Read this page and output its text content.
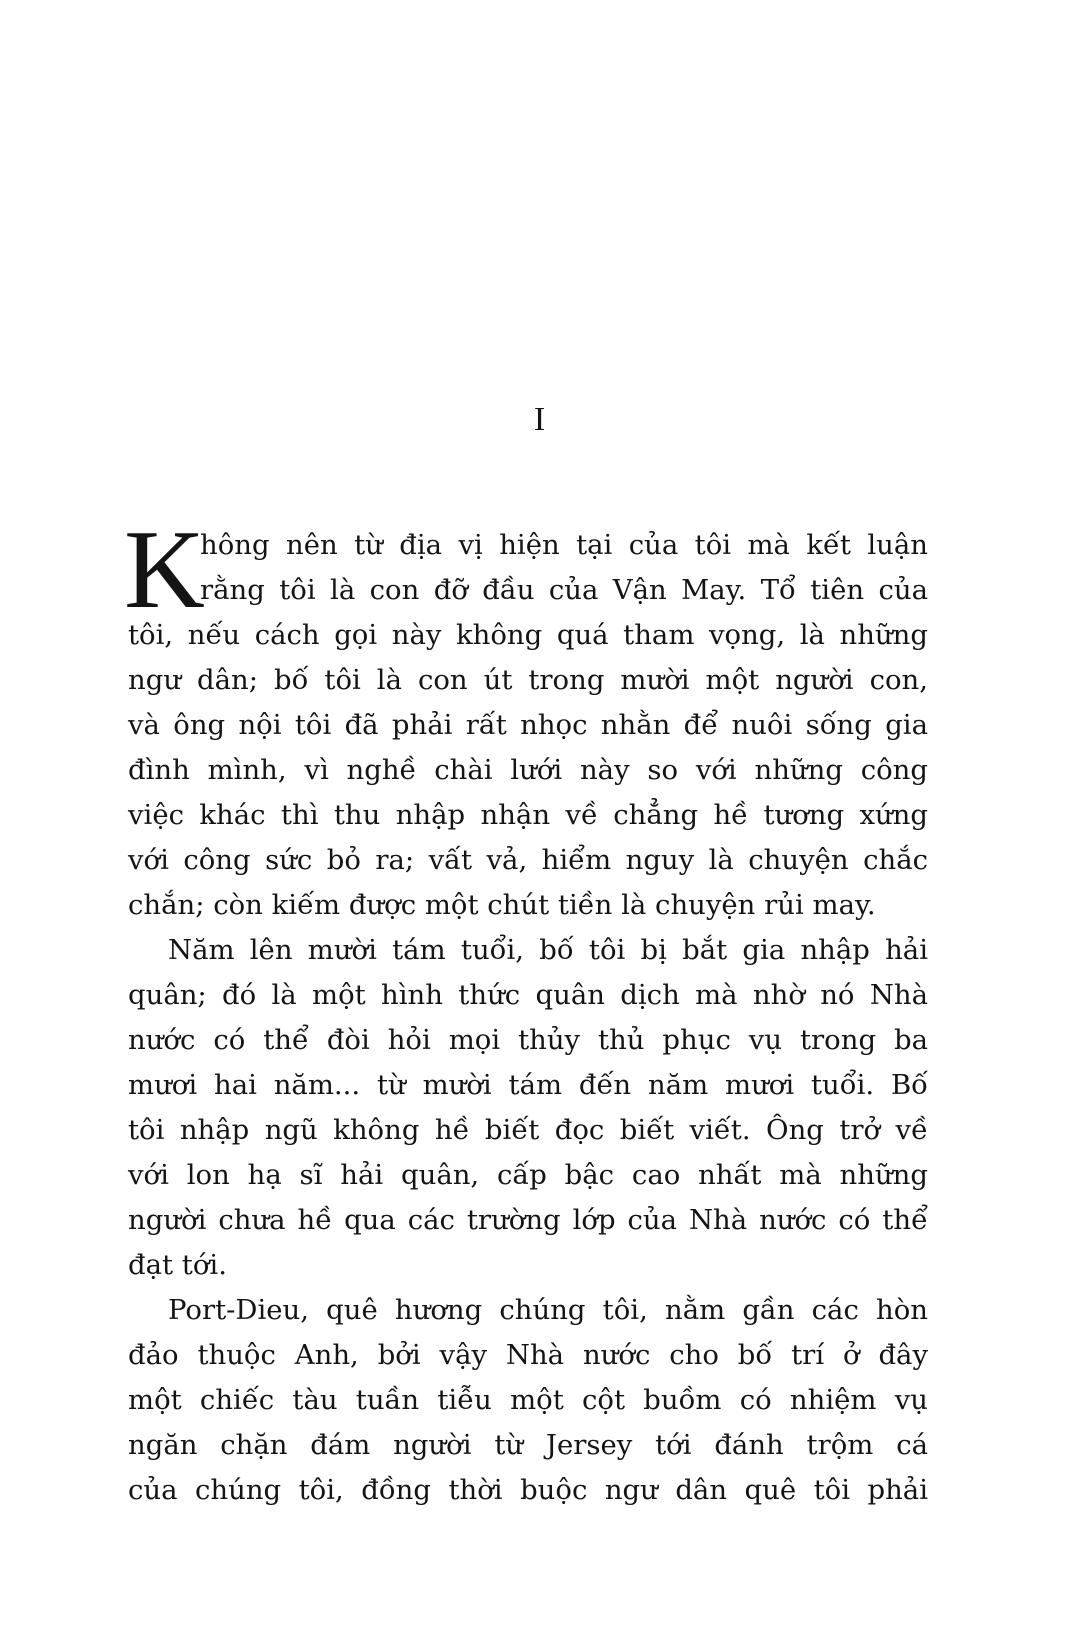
I
K
hông nên từ địa vị hiện tại của tôi mà kết luận
rằng tôi là con đỡ đầu của Vận May. Tổ tiên của
tôi, nếu cách gọi này không quá tham vọng, là những
ngư dân; bố tôi là con út trong mười một người con,
và ông nội tôi đã phải rất nhọc nhằn để nuôi sống gia
đình mình, vì nghề chài lưới này so với những công
việc khác thì thu nhập nhận về chẳng hề tương xứng
với công sức bỏ ra; vất vả, hiểm nguy là chuyện chắc
chắn; còn kiếm được một chút tiền là chuyện rủi may.
Năm lên mười tám tuổi, bố tôi bị bắt gia nhập hải
quân; đó là một hình thức quân dịch mà nhờ nó Nhà
nước có thể đòi hỏi mọi thủy thủ phục vụ trong ba
mươi hai năm... từ mười tám đến năm mươi tuổi. Bố
tôi nhập ngũ không hề biết đọc biết viết. Ông trở về
với lon hạ sĩ hải quân, cấp bậc cao nhất mà những
người chưa hề qua các trường lớp của Nhà nước có thể
đạt tới.
Port-Dieu, quê hương chúng tôi, nằm gần các hòn
đảo thuộc Anh, bởi vậy Nhà nước cho bố trí ở đây
một chiếc tàu tuần tiễu một cột buồm có nhiệm vụ
ngăn chặn đám người từ Jersey tới đánh trộm cá
của chúng tôi, đồng thời buộc ngư dân quê tôi phải
